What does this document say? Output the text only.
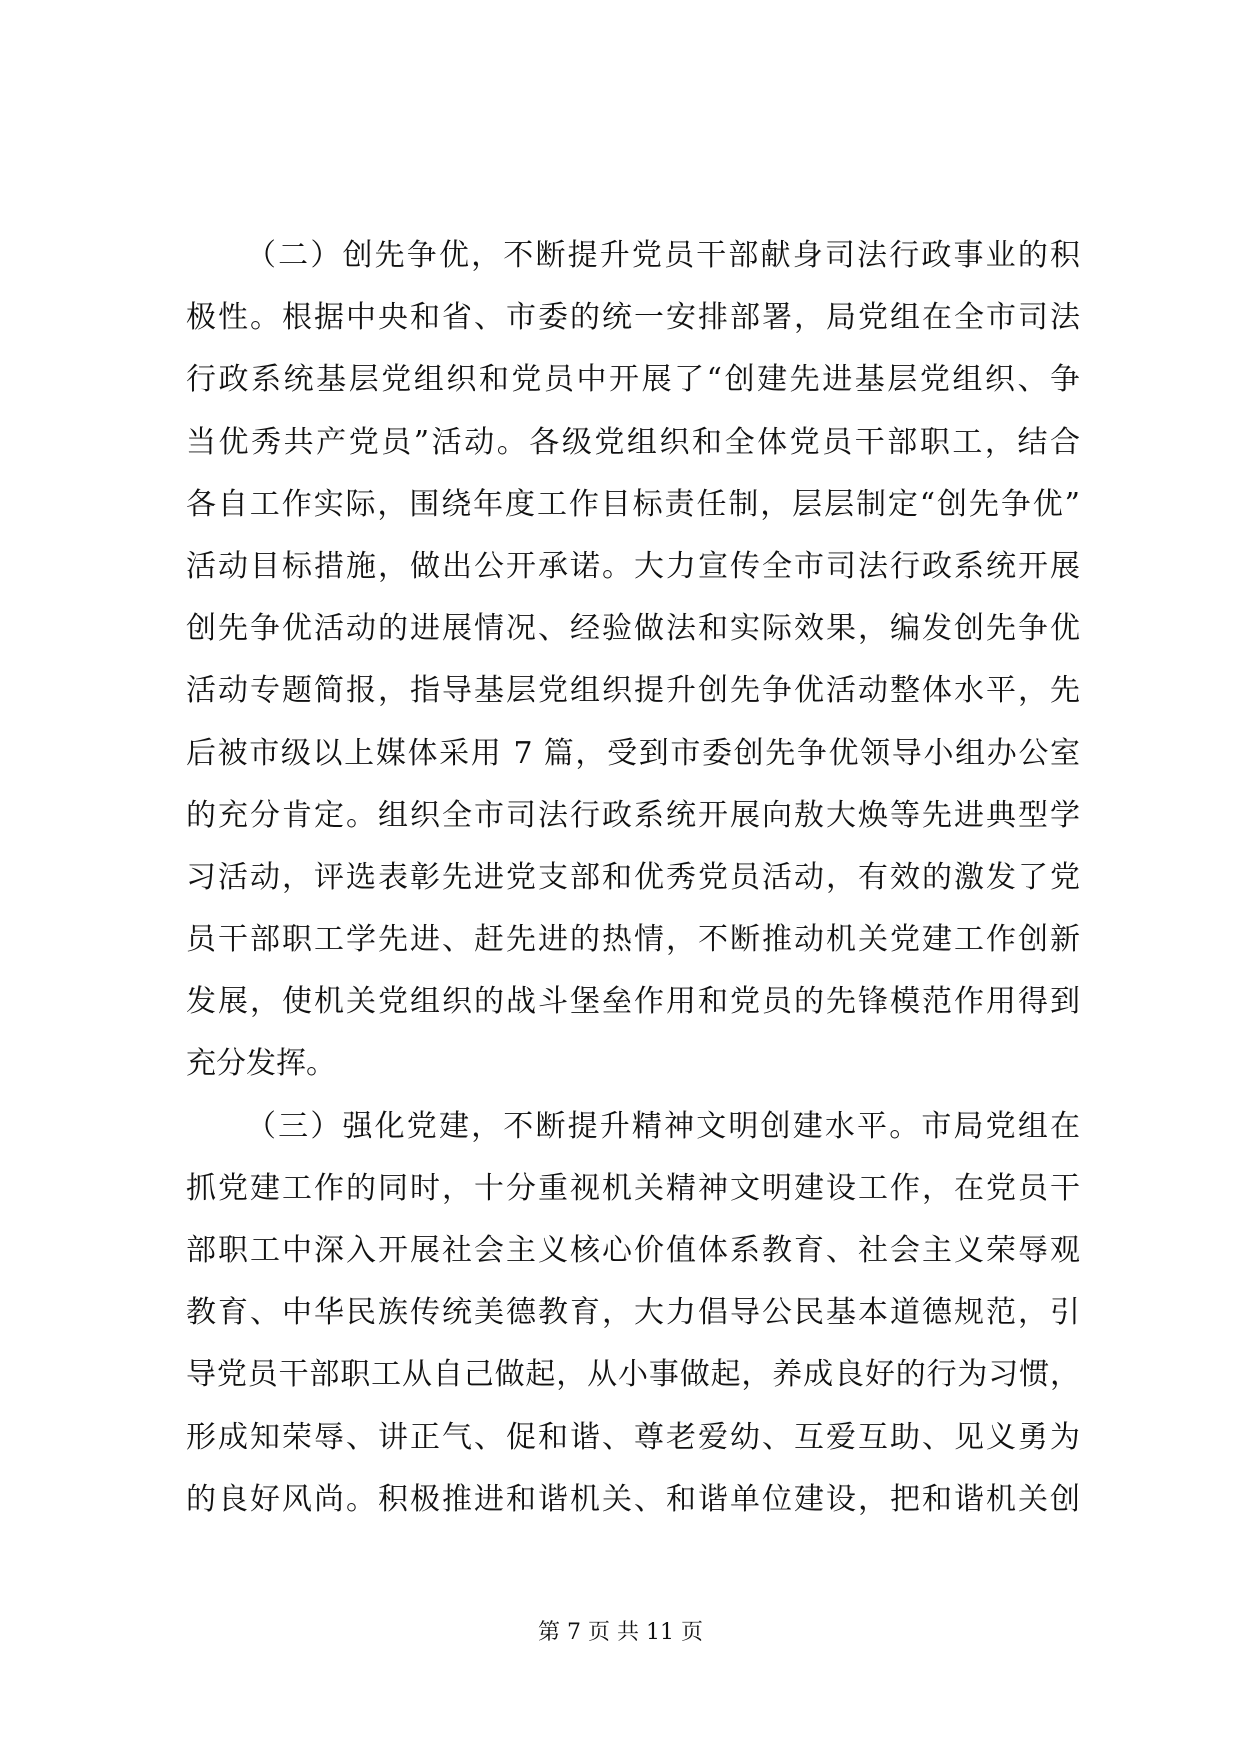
（二）创先争优，不断提升党员干部献身司法行政事业的积
极性。根据中央和省、市委的统一安排部署，局党组在全市司法
行政系统基层党组织和党员中开展了“创建先进基层党组织、争
当优秀共产党员”活动。各级党组织和全体党员干部职工，结合
各自工作实际，围绕年度工作目标责任制，层层制定“创先争优”
活动目标措施，做出公开承诺。大力宣传全市司法行政系统开展
创先争优活动的进展情况、经验做法和实际效果，编发创先争优
活动专题简报，指导基层党组织提升创先争优活动整体水平，先
后被市级以上媒体采用 7 篇，受到市委创先争优领导小组办公室
的充分肯定。组织全市司法行政系统开展向敖大焕等先进典型学
习活动，评选表彰先进党支部和优秀党员活动，有效的激发了党
员干部职工学先进、赶先进的热情，不断推动机关党建工作创新
发展，使机关党组织的战斗堡垒作用和党员的先锋模范作用得到
充分发挥。
（三）强化党建，不断提升精神文明创建水平。市局党组在
抓党建工作的同时，十分重视机关精神文明建设工作，在党员干
部职工中深入开展社会主义核心价值体系教育、社会主义荣辱观
教育、中华民族传统美德教育，大力倡导公民基本道德规范，引
导党员干部职工从自己做起，从小事做起，养成良好的行为习惯，
形成知荣辱、讲正气、促和谐、尊老爱幼、互爱互助、见义勇为
的良好风尚。积极推进和谐机关、和谐单位建设，把和谐机关创
第 7 页 共 11 页
